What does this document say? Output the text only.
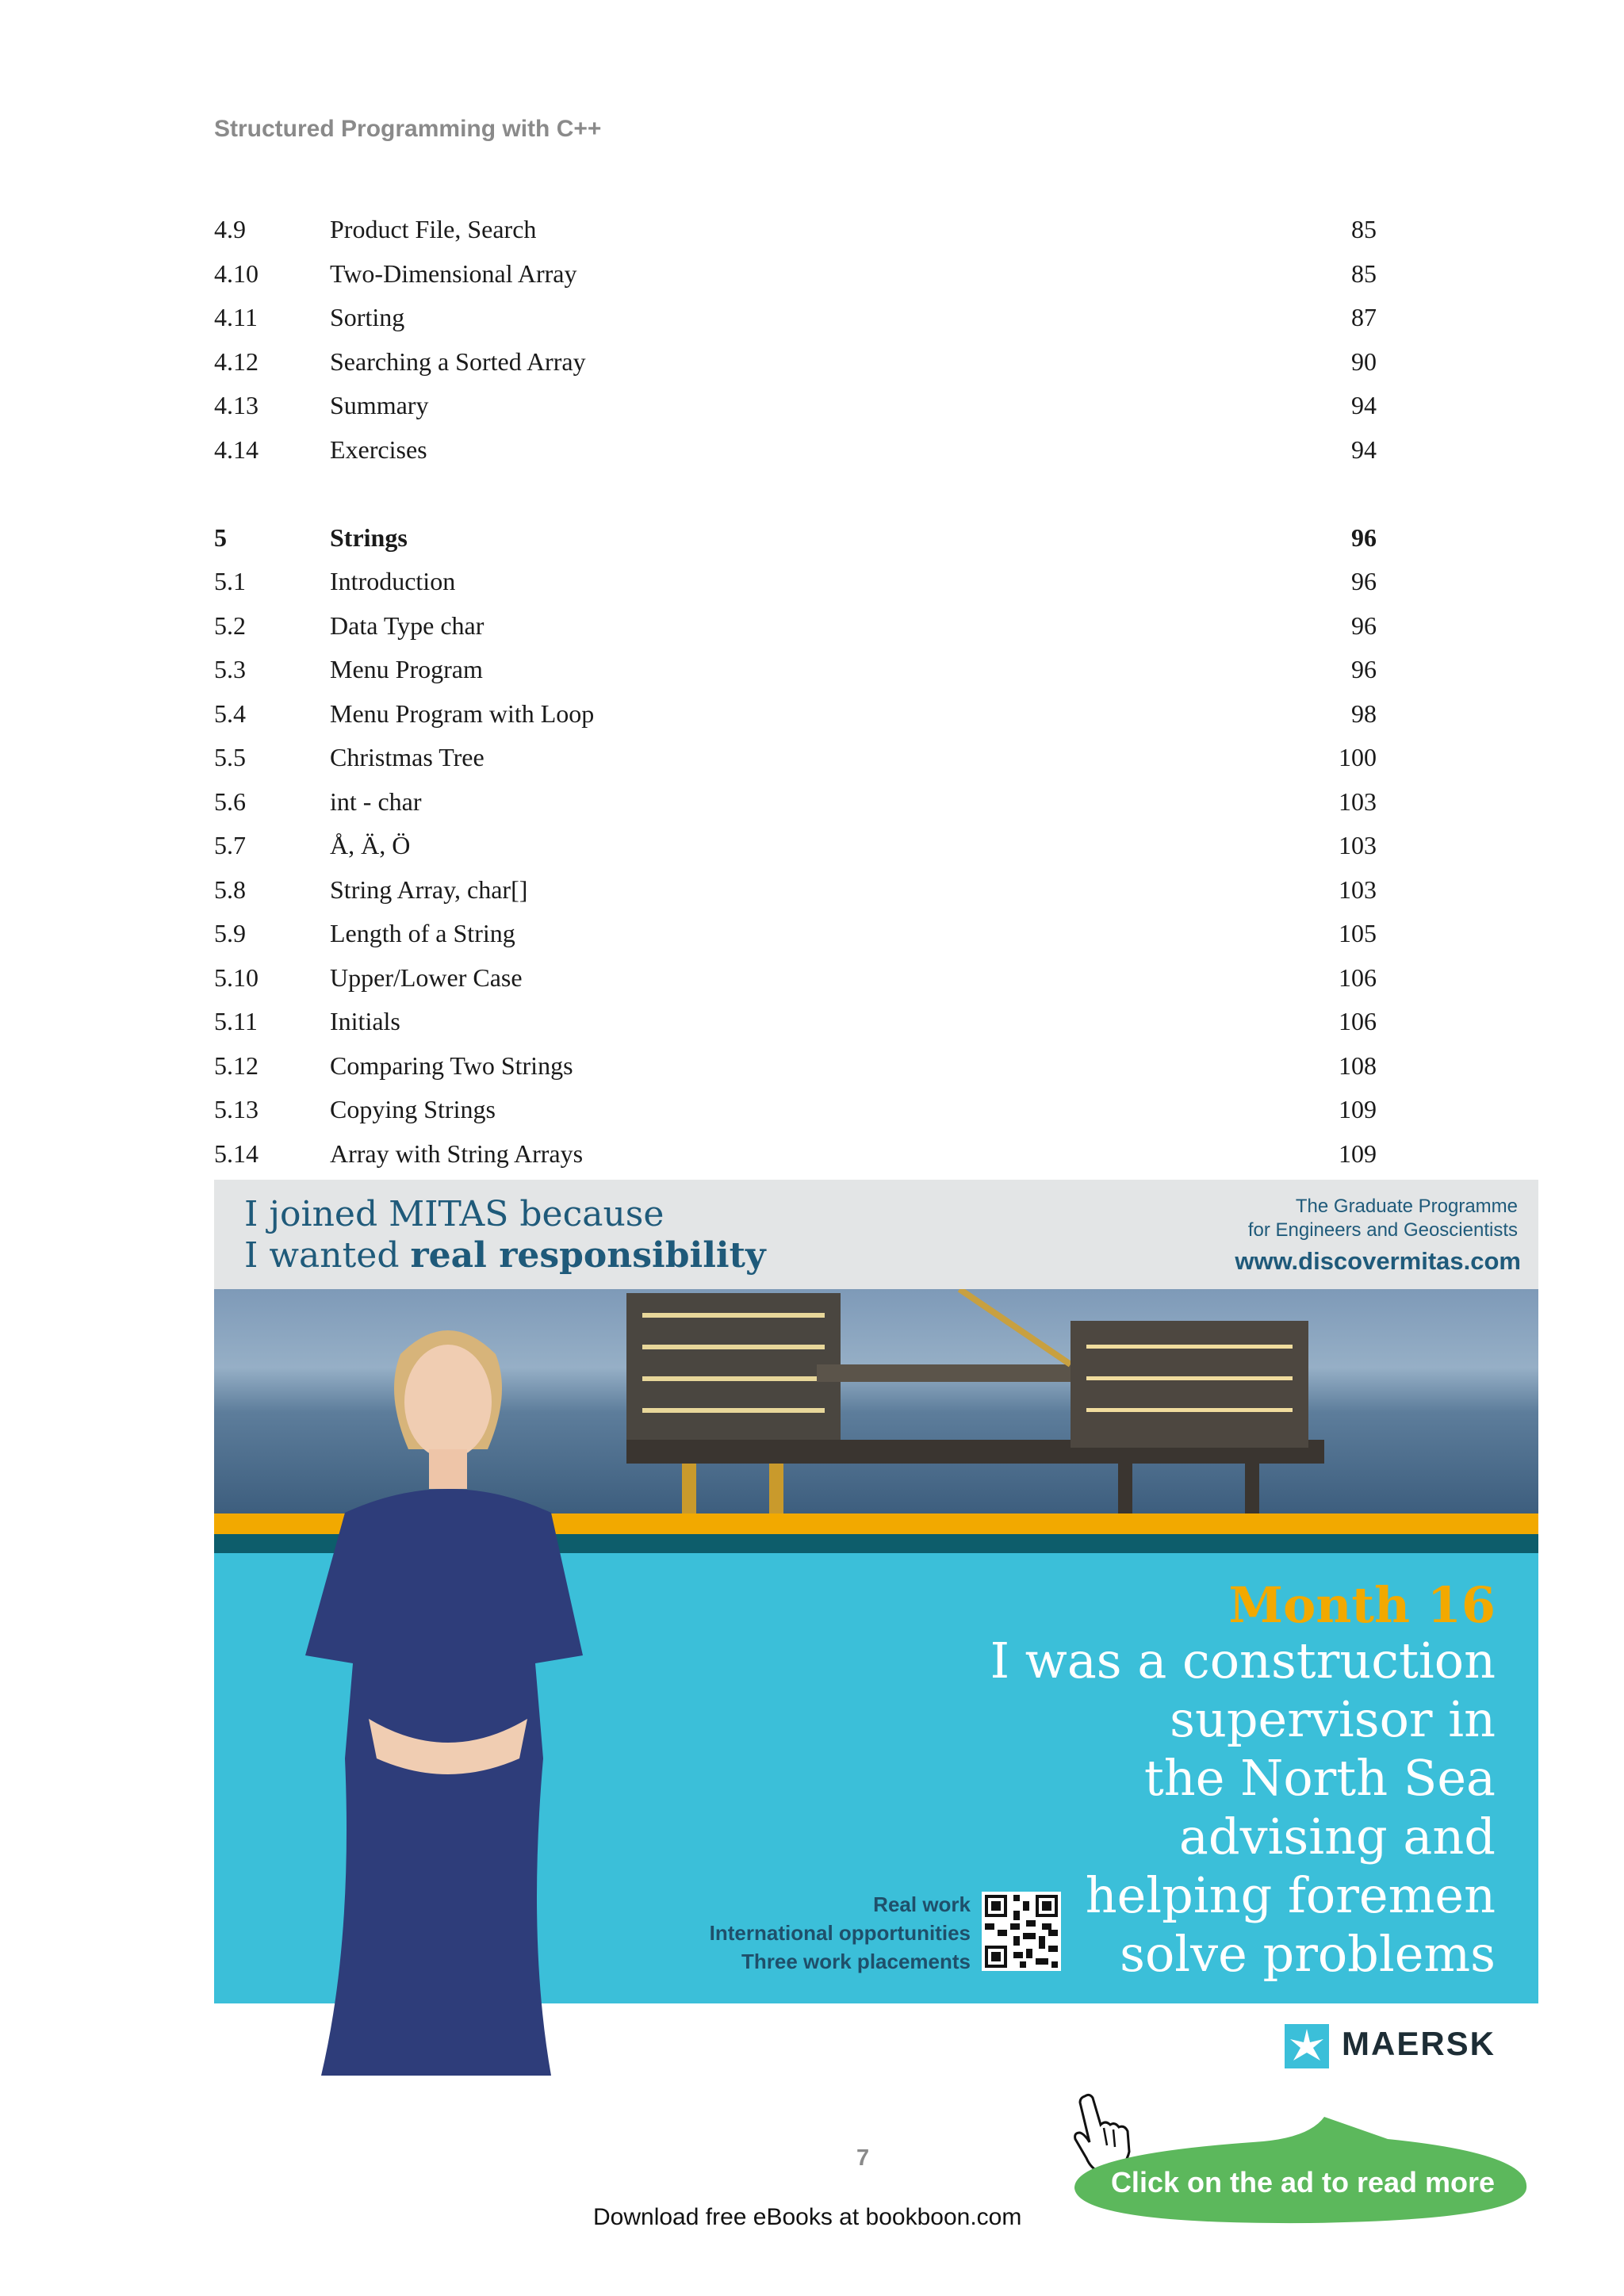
Structured Programming with C++
4.9	Product File, Search	85
4.10	Two-Dimensional Array	85
4.11	Sorting	87
4.12	Searching a Sorted Array	90
4.13	Summary	94
4.14	Exercises	94
5	Strings	96
5.1	Introduction	96
5.2	Data Type char	96
5.3	Menu Program	96
5.4	Menu Program with Loop	98
5.5	Christmas Tree	100
5.6	int - char	103
5.7	Å, Ä, Ö	103
5.8	String Array, char[]	103
5.9	Length of a String	105
5.10	Upper/Lower Case	106
5.11	Initials	106
5.12	Comparing Two Strings	108
5.13	Copying Strings	109
5.14	Array with String Arrays	109
I joined MITAS because
I wanted real responsibility
The Graduate Programme
for Engineers and Geoscientists
www.discovermitas.com
Month 16
I was a construction
supervisor in
the North Sea
advising and
helping foremen
solve problems
Real work
International opportunities
Three work placements
MAERSK
Click on the ad to read more
7
Download free eBooks at bookboon.com
